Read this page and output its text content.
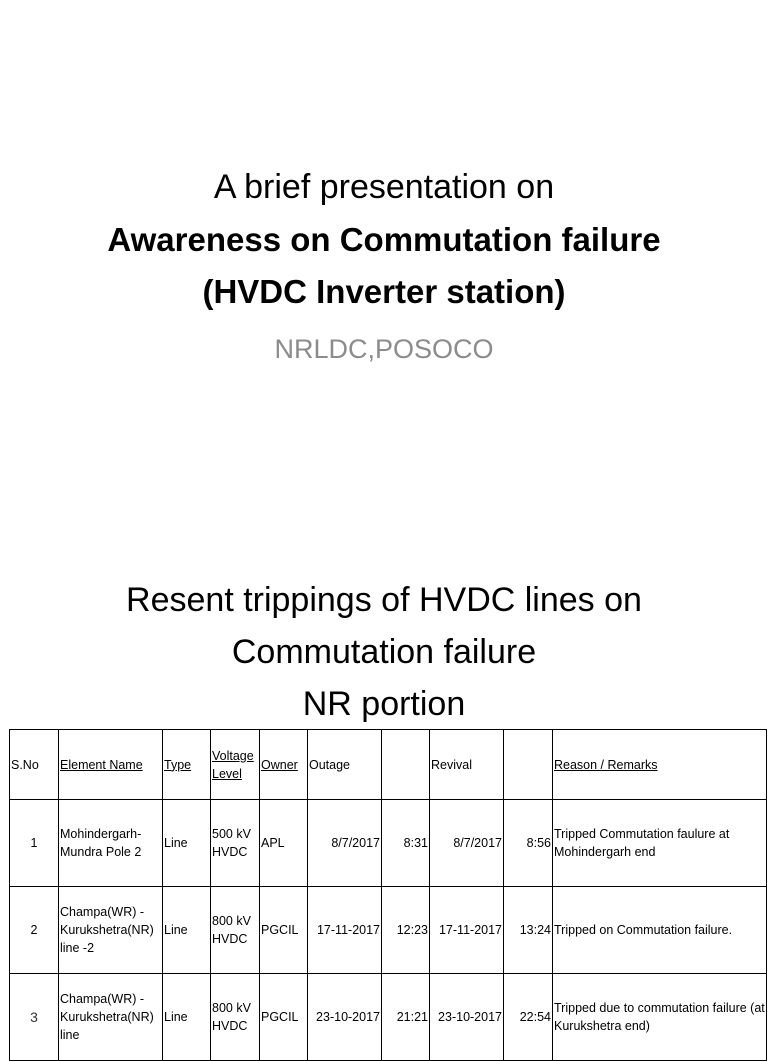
A brief presentation on
Awareness on Commutation failure
(HVDC Inverter station)
NRLDC,POSOCO
Resent trippings of HVDC lines on
Commutation failure
NR portion
S.No	Element Name	Type	Voltage Level	Owner	Outage		Revival		Reason / Remarks
1	Mohindergarh-Mundra Pole 2	Line	500 kV HVDC	APL	8/7/2017	8:31	8/7/2017	8:56	Tripped Commutation faulure at Mohindergarh end
2	Champa(WR) - Kurukshetra(NR) line -2	Line	800 kV HVDC	PGCIL	17-11-2017	12:23	17-11-2017	13:24	Tripped on Commutation failure.
3	Champa(WR) - Kurukshetra(NR) line	Line	800 kV HVDC	PGCIL	23-10-2017	21:21	23-10-2017	22:54	Tripped due to commutation failure (at Kurukshetra end)
